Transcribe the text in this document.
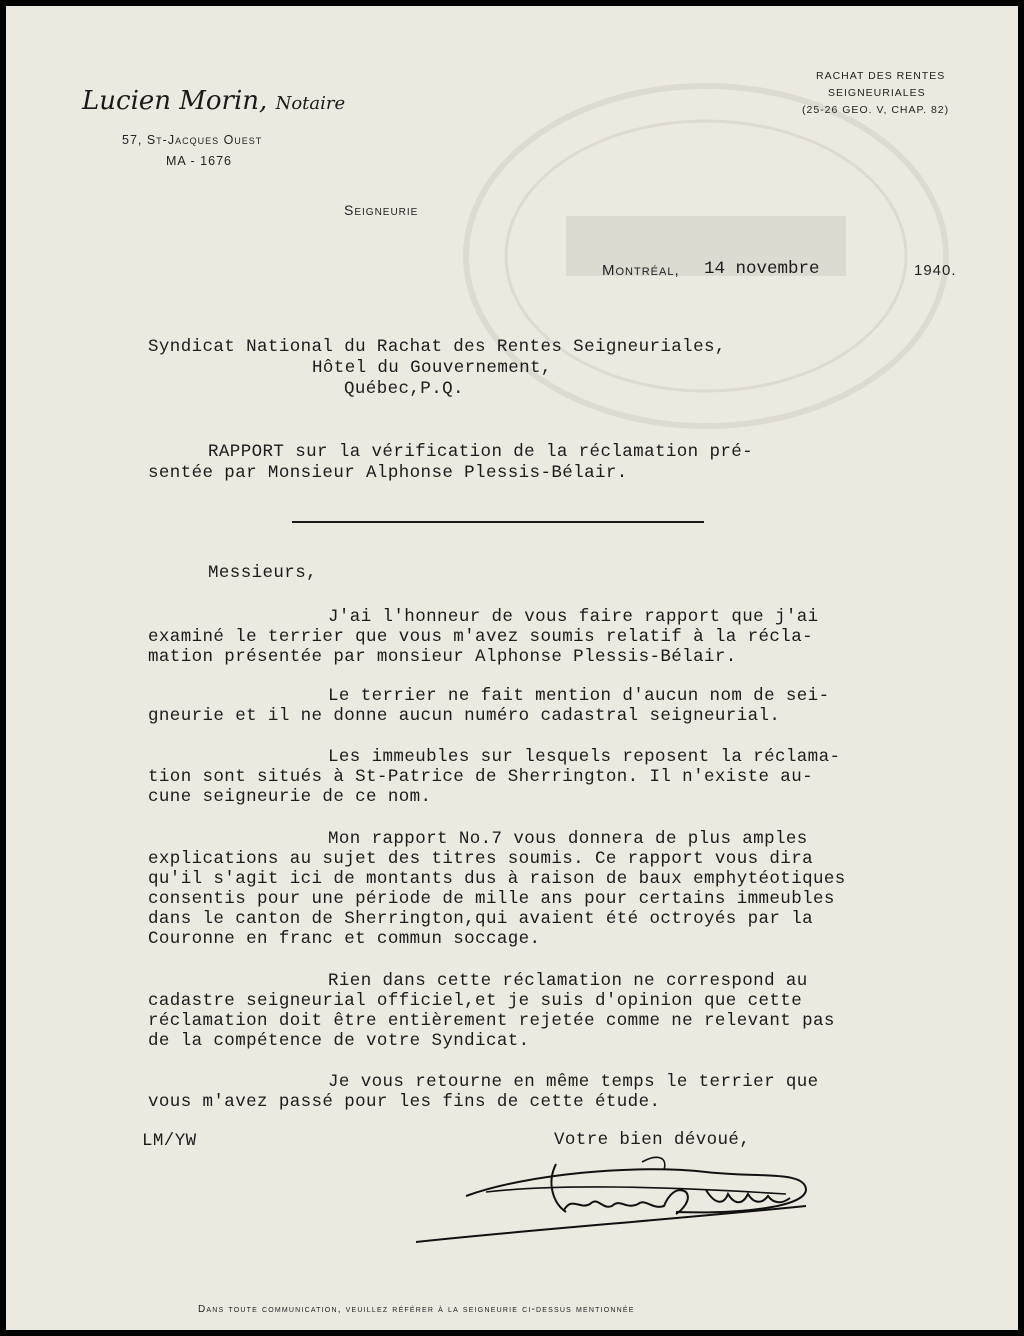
Lucien Morin, Notaire
57, St-Jacques Ouest
MA - 1676
RACHAT DES RENTES
SEIGNEURIALES
(25-26 GEO. V, CHAP. 82)
Seigneurie
Montréal, 14 novembre	1940.
Syndicat National du Rachat des Rentes Seigneuriales,
Hôtel du Gouvernement,
Québec,P.Q.
RAPPORT sur la vérification de la réclamation pré-
sentée par Monsieur Alphonse Plessis-Bélair.
Messieurs,
J'ai l'honneur de vous faire rapport que j'ai
examiné le terrier que vous m'avez soumis relatif à la récla-
mation présentée par monsieur Alphonse Plessis-Bélair.
Le terrier ne fait mention d'aucun nom de sei-
gneurie et il ne donne aucun numéro cadastral seigneurial.
Les immeubles sur lesquels reposent la réclama-
tion sont situés à St-Patrice de Sherrington. Il n'existe au-
cune seigneurie de ce nom.
Mon rapport No.7 vous donnera de plus amples
explications au sujet des titres soumis. Ce rapport vous dira
qu'il s'agit ici de montants dus à raison de baux emphytéotiques
consentis pour une période de mille ans pour certains immeubles
dans le canton de Sherrington,qui avaient été octroyés par la
Couronne en franc et commun soccage.
Rien dans cette réclamation ne correspond au
cadastre seigneurial officiel,et je suis d'opinion que cette
réclamation doit être entièrement rejetée comme ne relevant pas
de la compétence de votre Syndicat.
Je vous retourne en même temps le terrier que
vous m'avez passé pour les fins de cette étude.
LM/YW	Votre bien dévoué,
Dans toute communication, veuillez référer à la seigneurie ci-dessus mentionnée
